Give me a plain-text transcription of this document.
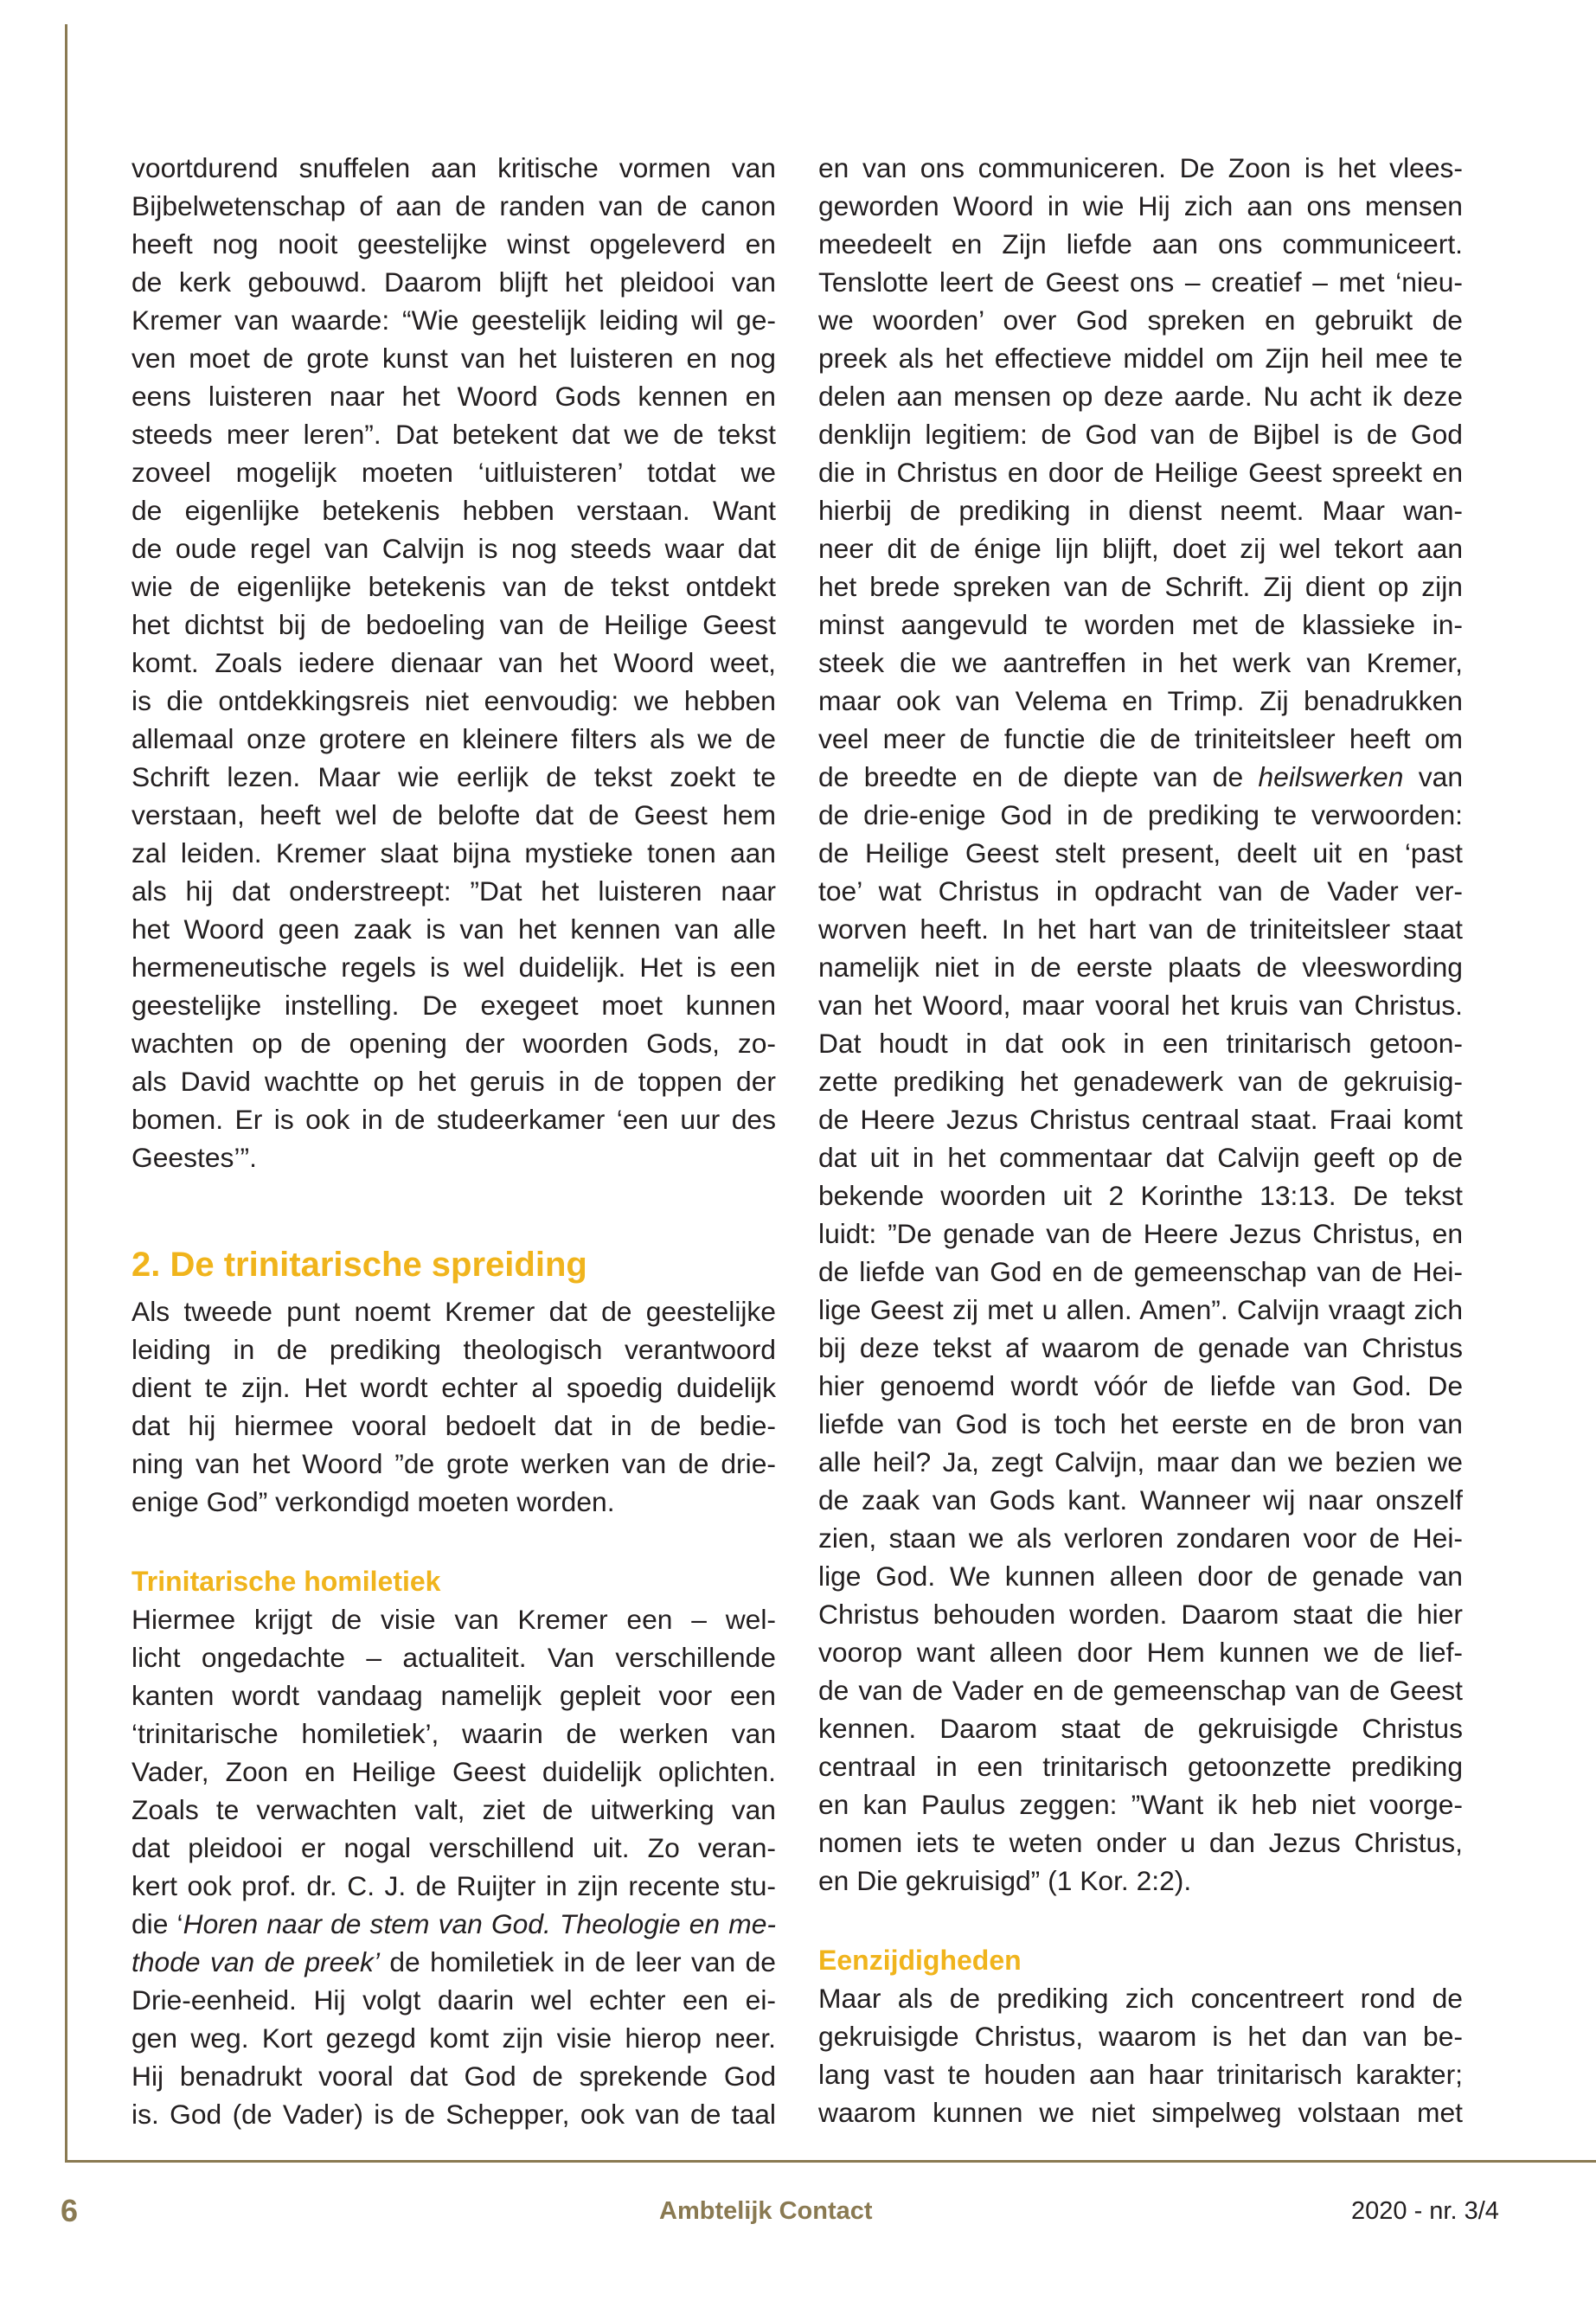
voortdurend snuffelen aan kritische vormen van
Bijbelwetenschap of aan de randen van de canon
heeft nog nooit geestelijke winst opgeleverd en
de kerk gebouwd. Daarom blijft het pleidooi van
Kremer van waarde: “Wie geestelijk leiding wil ge-
ven moet de grote kunst van het luisteren en nog
eens luisteren naar het Woord Gods kennen en
steeds meer leren”. Dat betekent dat we de tekst
zoveel mogelijk moeten ‘uitluisteren’ totdat we
de eigenlijke betekenis hebben verstaan. Want
de oude regel van Calvijn is nog steeds waar dat
wie de eigenlijke betekenis van de tekst ontdekt
het dichtst bij de bedoeling van de Heilige Geest
komt. Zoals iedere dienaar van het Woord weet,
is die ontdekkingsreis niet eenvoudig: we hebben
allemaal onze grotere en kleinere filters als we de
Schrift lezen. Maar wie eerlijk de tekst zoekt te
verstaan, heeft wel de belofte dat de Geest hem
zal leiden. Kremer slaat bijna mystieke tonen aan
als hij dat onderstreept: ”Dat het luisteren naar
het Woord geen zaak is van het kennen van alle
hermeneutische regels is wel duidelijk. Het is een
geestelijke instelling. De exegeet moet kunnen
wachten op de opening der woorden Gods, zo-
als David wachtte op het geruis in de toppen der
bomen. Er is ook in de studeerkamer ‘een uur des
Geestes’”.
2. De trinitarische spreiding
Als tweede punt noemt Kremer dat de geestelijke
leiding in de prediking theologisch verantwoord
dient te zijn. Het wordt echter al spoedig duidelijk
dat hij hiermee vooral bedoelt dat in de bedie-
ning van het Woord ”de grote werken van de drie-
enige God” verkondigd moeten worden.
Trinitarische homiletiek
Hiermee krijgt de visie van Kremer een – wel-
licht ongedachte – actualiteit. Van verschillende
kanten wordt vandaag namelijk gepleit voor een
‘trinitarische homiletiek’, waarin de werken van
Vader, Zoon en Heilige Geest duidelijk oplichten.
Zoals te verwachten valt, ziet de uitwerking van
dat pleidooi er nogal verschillend uit. Zo veran-
kert ook prof. dr. C. J. de Ruijter in zijn recente stu-
die ‘Horen naar de stem van God. Theologie en me-
thode van de preek’ de homiletiek in de leer van de
Drie-eenheid. Hij volgt daarin wel echter een ei-
gen weg. Kort gezegd komt zijn visie hierop neer.
Hij benadrukt vooral dat God de sprekende God
is. God (de Vader) is de Schepper, ook van de taal
en van ons communiceren. De Zoon is het vlees-
geworden Woord in wie Hij zich aan ons mensen
meedeelt en Zijn liefde aan ons communiceert.
Tenslotte leert de Geest ons – creatief – met ‘nieu-
we woorden’ over God spreken en gebruikt de
preek als het effectieve middel om Zijn heil mee te
delen aan mensen op deze aarde. Nu acht ik deze
denklijn legitiem: de God van de Bijbel is de God
die in Christus en door de Heilige Geest spreekt en
hierbij de prediking in dienst neemt. Maar wan-
neer dit de énige lijn blijft, doet zij wel tekort aan
het brede spreken van de Schrift. Zij dient op zijn
minst aangevuld te worden met de klassieke in-
steek die we aantreffen in het werk van Kremer,
maar ook van Velema en Trimp. Zij benadrukken
veel meer de functie die de triniteitsleer heeft om
de breedte en de diepte van de heilswerken van
de drie-enige God in de prediking te verwoorden:
de Heilige Geest stelt present, deelt uit en ‘past
toe’ wat Christus in opdracht van de Vader ver-
worven heeft. In het hart van de triniteitsleer staat
namelijk niet in de eerste plaats de vleeswording
van het Woord, maar vooral het kruis van Christus.
Dat houdt in dat ook in een trinitarisch getoon-
zette prediking het genadewerk van de gekruisig-
de Heere Jezus Christus centraal staat. Fraai komt
dat uit in het commentaar dat Calvijn geeft op de
bekende woorden uit 2 Korinthe 13:13. De tekst
luidt: ”De genade van de Heere Jezus Christus, en
de liefde van God en de gemeenschap van de Hei-
lige Geest zij met u allen. Amen”. Calvijn vraagt zich
bij deze tekst af waarom de genade van Christus
hier genoemd wordt vóór de liefde van God. De
liefde van God is toch het eerste en de bron van
alle heil? Ja, zegt Calvijn, maar dan we bezien we
de zaak van Gods kant. Wanneer wij naar onszelf
zien, staan we als verloren zondaren voor de Hei-
lige God. We kunnen alleen door de genade van
Christus behouden worden. Daarom staat die hier
voorop want alleen door Hem kunnen we de lief-
de van de Vader en de gemeenschap van de Geest
kennen. Daarom staat de gekruisigde Christus
centraal in een trinitarisch getoonzette prediking
en kan Paulus zeggen: ”Want ik heb niet voorge-
nomen iets te weten onder u dan Jezus Christus,
en Die gekruisigd” (1 Kor. 2:2).
Eenzijdigheden
Maar als de prediking zich concentreert rond de
gekruisigde Christus, waarom is het dan van be-
lang vast te houden aan haar trinitarisch karakter;
waarom kunnen we niet simpelweg volstaan met
6	Ambtelijk Contact	2020 - nr. 3/4
